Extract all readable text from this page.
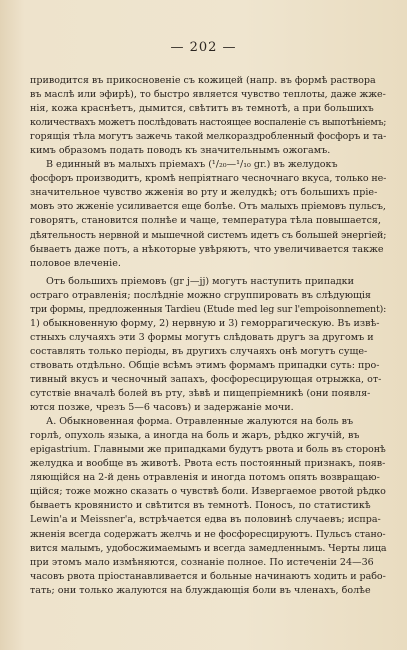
— 202 —
приводится въ прикосновеніе съ кожицей (напр. въ формѣ раствора
въ маслѣ или эфирѣ), то быстро является чувство теплоты, даже жже-
нія, кожа краснѣетъ, дымится, свѣтитъ въ темнотѣ, а при большихъ
количествахъ можетъ послѣдовать настоящее воспаленіе съ выпотѣніемъ;
горящія тѣла могутъ зажечь такой мелкораздробленный фосфоръ и та-
кимъ образомъ подать поводъ къ значительнымъ ожогамъ.
В единный въ малыхъ пріемахъ (¹/₂₀—¹/₁₀ gr.) въ желудокъ
фосфоръ производитъ, кромѣ непріятнаго чесночнаго вкуса, только не-
значительное чувство жженія во рту и желудкѣ; отъ большихъ пріе-
мовъ это жженіе усиливается еще болѣе. Отъ малыхъ пріемовъ пульсъ,
говорятъ, становится полнѣе и чаще, температура тѣла повышается,
дѣятельность нервной и мышечной системъ идетъ съ большей энергіей;
бываетъ даже потъ, а нѣкоторые увѣряютъ, что увеличивается также
половое влеченіе.
Отъ большихъ пріемовъ (gr j—jj) могутъ наступить припадки
остраго отравленія; послѣдніе можно сгруппировать въ слѣдующія
три формы, предложенныя Tardieu (Etude med leg sur l'empoisonnement):
1) обыкновенную форму, 2) нервную и 3) геморрагическую. Въ извѣ-
стныхъ случаяхъ эти 3 формы могутъ слѣдовать другъ за другомъ и
составлять только періоды, въ другихъ случаяхъ онѣ могутъ суще-
ствовать отдѣльно. Общіе всѣмъ этимъ формамъ припадки суть: про-
тивный вкусъ и чесночный запахъ, фосфоресцирующая отрыжка, от-
сутствіе вначалѣ болей въ рту, зѣвѣ и пищепріемникѣ (они появля-
ются позже, чрезъ 5—6 часовъ) и задержаніе мочи.
А. Обыкновенная форма. Отравленные жалуются на боль въ
горлѣ, опухоль языка, а иногда на боль и жаръ, рѣдко жгучій, въ
epigastrium. Главными же припадками будутъ рвота и боль въ сторонѣ
желудка и вообще въ животѣ. Рвота есть постоянный признакъ, появ-
ляющійся на 2-й день отравленія и иногда потомъ опять возвращаю-
щійся; тоже можно сказать о чувствѣ боли. Извергаемое рвотой рѣдко
бываетъ кровянисто и свѣтится въ темнотѣ. Поносъ, по статистикѣ
Lewin'a и Meissner'a, встрѣчается едва въ половинѣ случаевъ; испра-
жненія всегда содержатъ желчь и не фосфоресцируютъ. Пульсъ стано-
вится малымъ, удобосжимаемымъ и всегда замедленнымъ. Черты лица
при этомъ мало измѣняются, сознаніе полное. По истеченіи 24—36
часовъ рвота пріостанавливается и больные начинаютъ ходить и рабо-
тать; они только жалуются на блуждающія боли въ членахъ, болѣе
